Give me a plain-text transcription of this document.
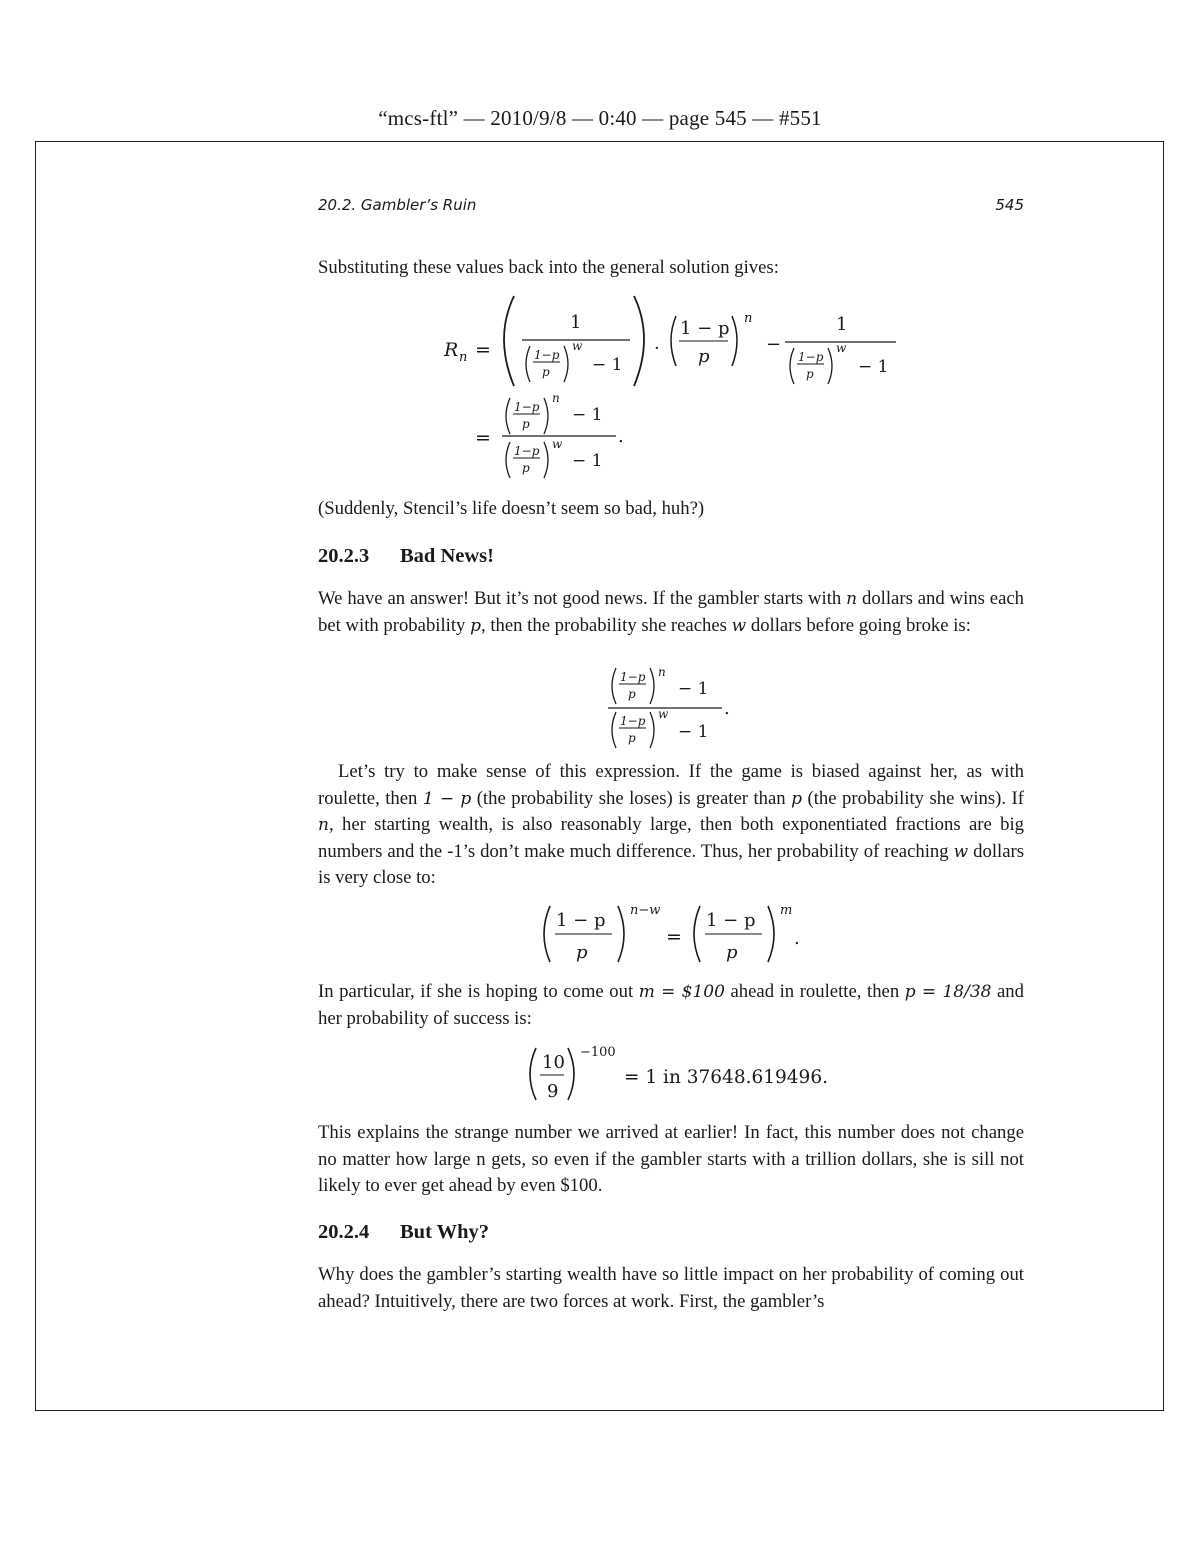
“mcs-ftl” — 2010/9/8 — 0:40 — page 545 — #551
20.2. Gambler’s Ruin	545

Substituting these values back into the general solution gives:

R n =
1
1−p
p
w
− 1
·
1 − p
p
n
−
1
1−p
p
w
− 1
=
1−p
p
n
− 1
1−p
p
w
− 1
.

(Suddenly, Stencil’s life doesn’t seem so bad, huh?)

20.2.3 Bad News!

We have an answer! But it’s not good news. If the gambler starts with n dollars and wins each bet with probability p, then the probability she reaches w dollars before going broke is:

1−p
p
n
− 1
1−p
p
w
− 1
.

Let’s try to make sense of this expression. If the game is biased against her, as with roulette, then 1 − p (the probability she loses) is greater than p (the probability she wins). If n, her starting wealth, is also reasonably large, then both exponentiated fractions are big numbers and the -1’s don’t make much difference. Thus, her probability of reaching w dollars is very close to:

1 − p
p
n−w
=
1 − p
p
m
.

In particular, if she is hoping to come out m = $100 ahead in roulette, then p = 18/38 and her probability of success is:

10
9
−100
= 1 in 37648.619496.

This explains the strange number we arrived at earlier! In fact, this number does not change no matter how large n gets, so even if the gambler starts with a trillion dollars, she is sill not likely to ever get ahead by even $100.

20.2.4 But Why?

Why does the gambler’s starting wealth have so little impact on her probability of coming out ahead? Intuitively, there are two forces at work. First, the gambler’s
